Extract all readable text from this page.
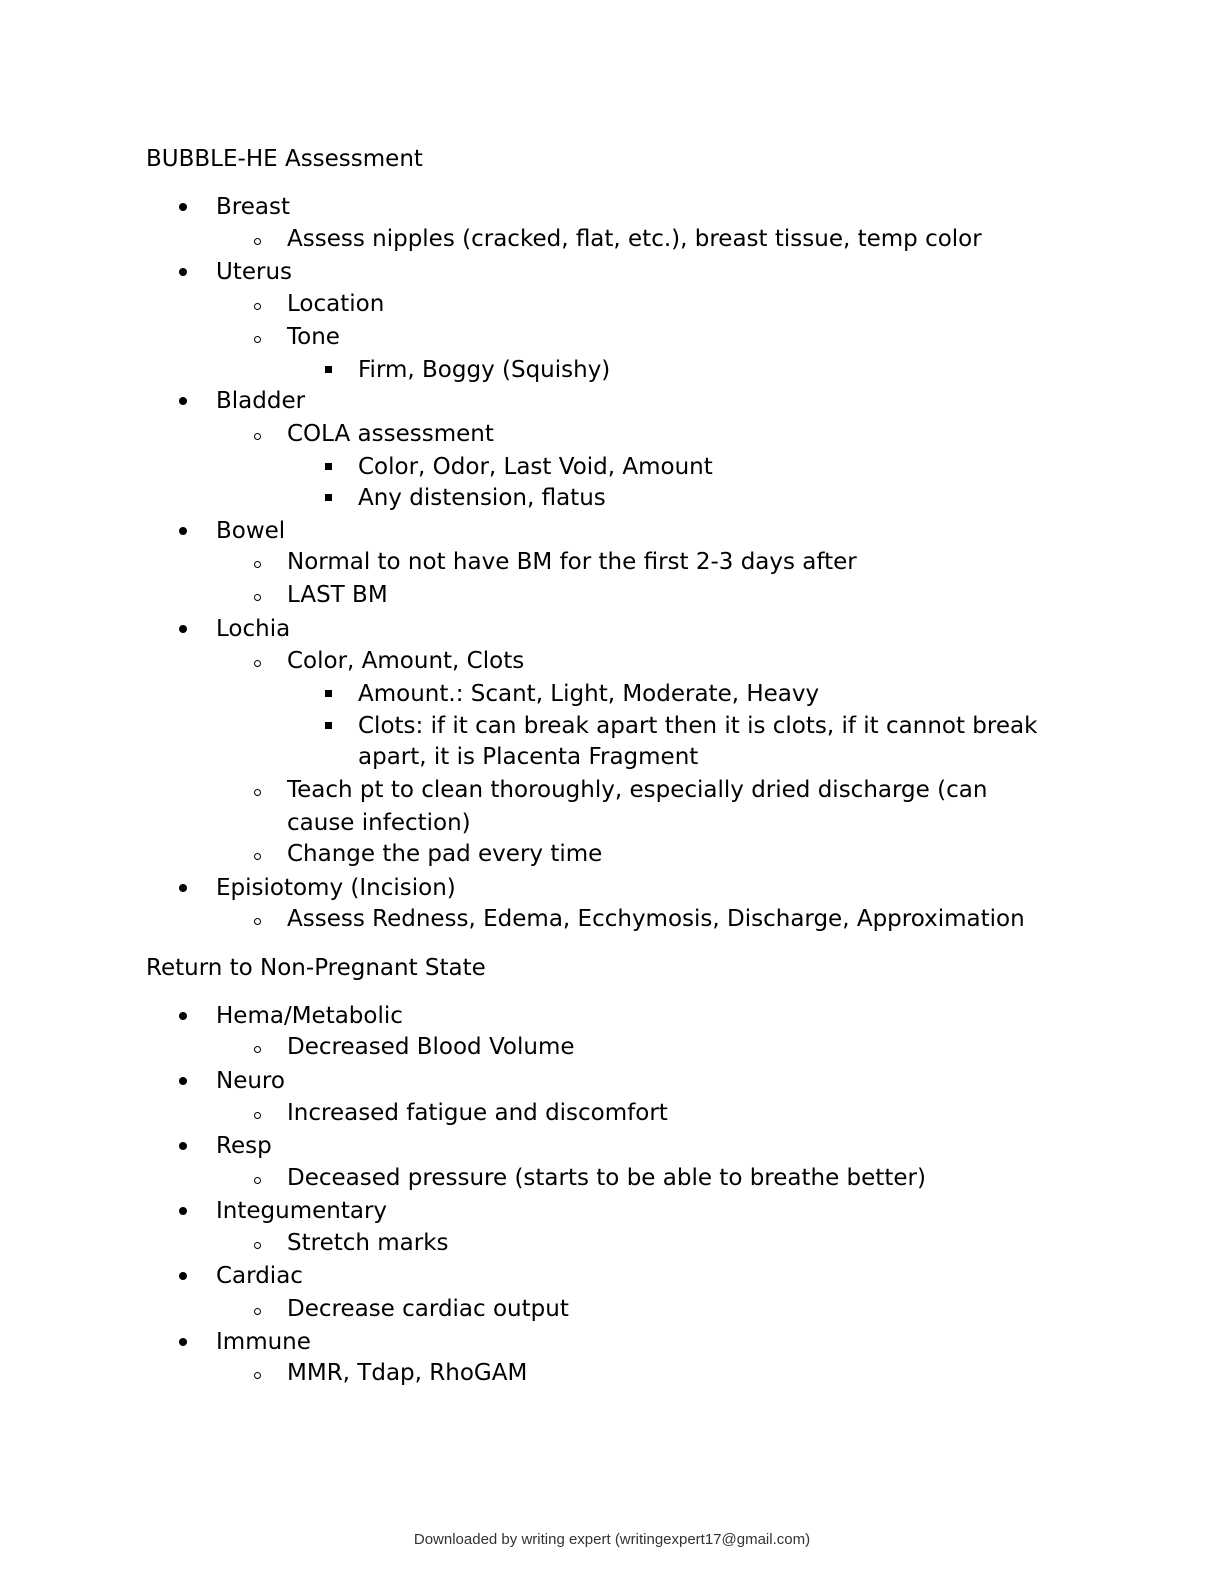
BUBBLE-HE Assessment
Breast
Assess nipples (cracked, flat, etc.), breast tissue, temp color
Uterus
Location
Tone
Firm, Boggy (Squishy)
Bladder
COLA assessment
Color, Odor, Last Void, Amount
Any distension, flatus
Bowel
Normal to not have BM for the first 2-3 days after
LAST BM
Lochia
Color, Amount, Clots
Amount.: Scant, Light, Moderate, Heavy
Clots: if it can break apart then it is clots, if it cannot break
apart, it is Placenta Fragment
Teach pt to clean thoroughly, especially dried discharge (can
cause infection)
Change the pad every time
Episiotomy (Incision)
Assess Redness, Edema, Ecchymosis, Discharge, Approximation
Return to Non-Pregnant State
Hema/Metabolic
Decreased Blood Volume
Neuro
Increased fatigue and discomfort
Resp
Deceased pressure (starts to be able to breathe better)
Integumentary
Stretch marks
Cardiac
Decrease cardiac output
Immune
MMR, Tdap, RhoGAM
Downloaded by writing expert (writingexpert17@gmail.com)
